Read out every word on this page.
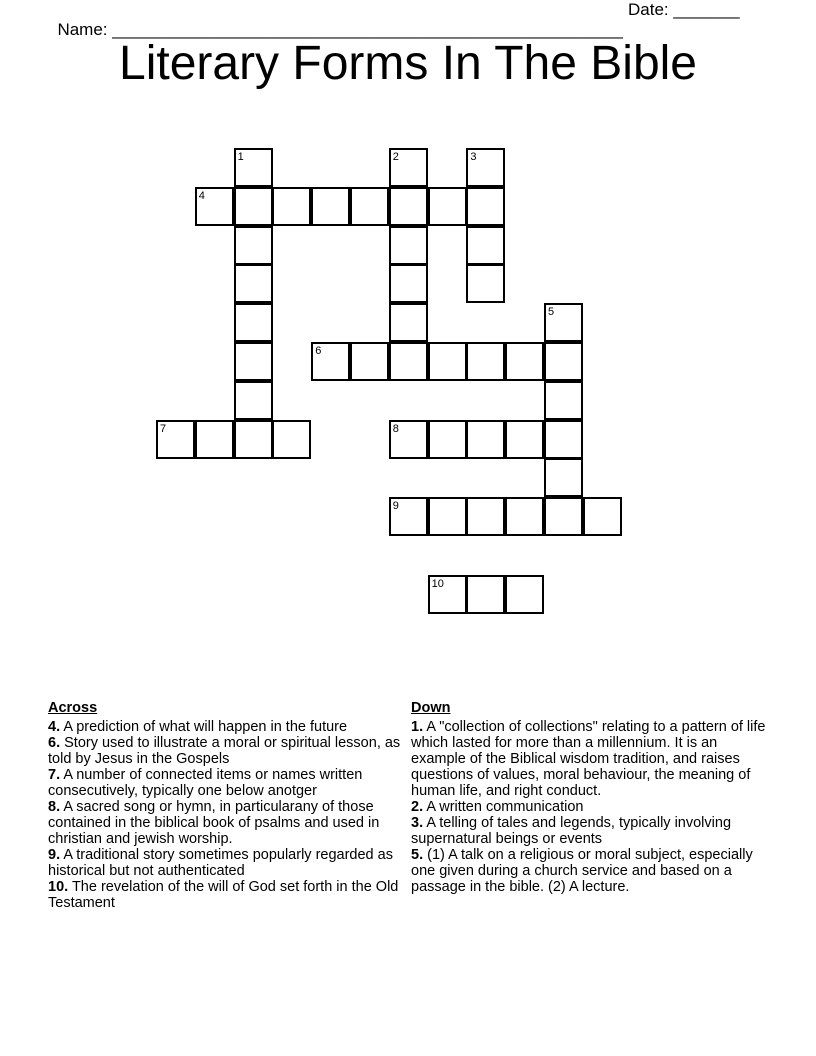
Name: ______________________________________________________

Date: _______

Literary Forms In The Bible
1	2	3
4
5
6
7	8
9
10
Across

4. A prediction of what will happen in the future

6. Story used to illustrate a moral or spiritual lesson, as told by Jesus in the Gospels

7. A number of connected items or names written consecutively, typically one below anotger

8. A sacred song or hymn, in particularany of those contained in the biblical book of psalms and used in christian and jewish worship.

9. A traditional story sometimes popularly regarded as historical but not authenticated

10. The revelation of the will of God set forth in the Old Testament

Down

1. A "collection of collections" relating to a pattern of life which lasted for more than a millennium. It is an example of the Biblical wisdom tradition, and raises questions of values, moral behaviour, the meaning of human life, and right conduct.

2. A written communication

3. A telling of tales and legends, typically involving supernatural beings or events

5. (1) A talk on a religious or moral subject, especially one given during a church service and based on a passage in the bible. (2) A lecture.
